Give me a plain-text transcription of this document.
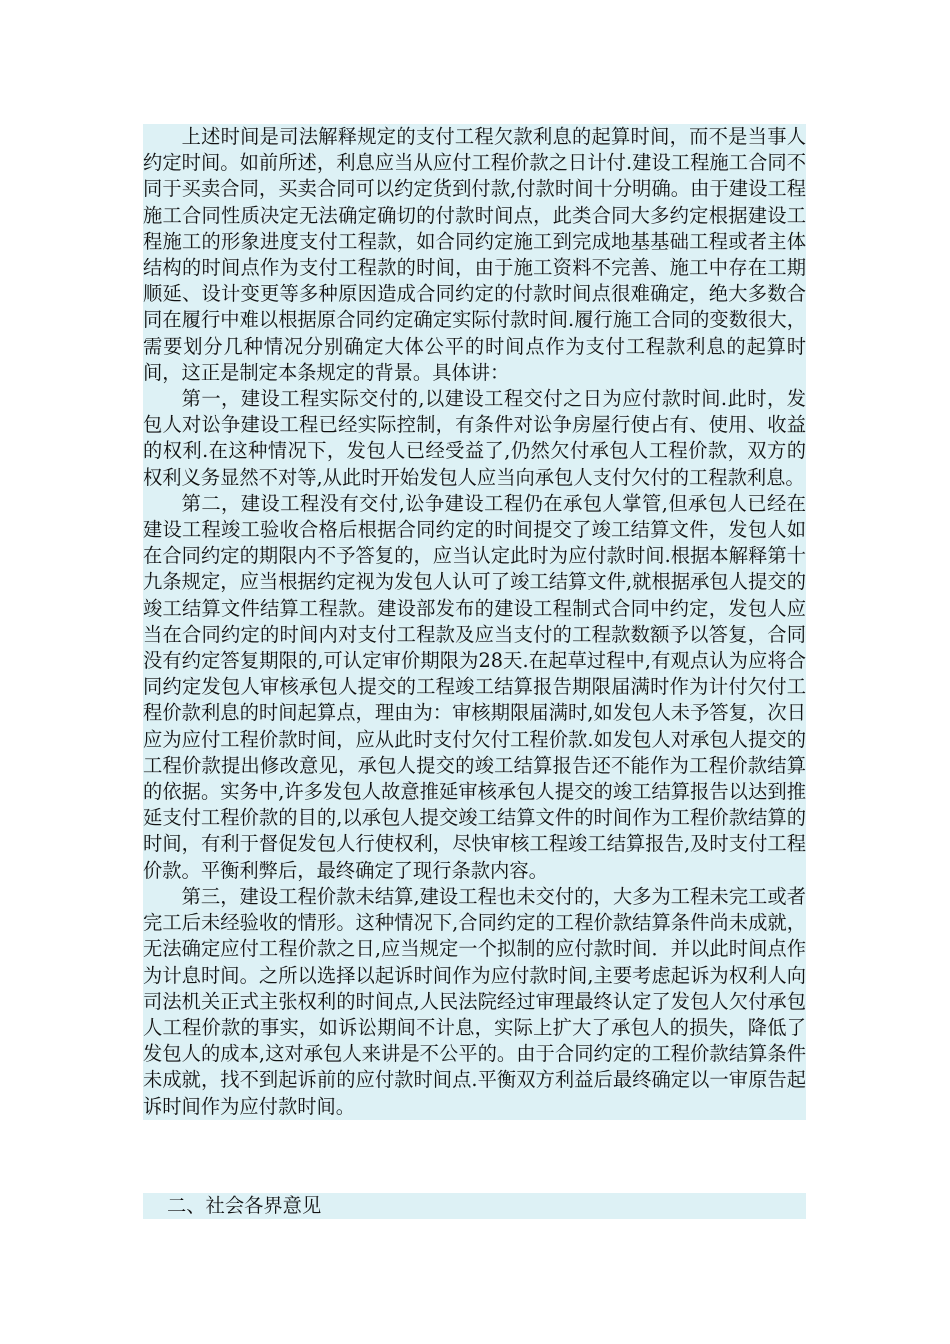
上述时间是司法解释规定的支付工程欠款利息的起算时间，而不是当事人约定时间。如前所述，利息应当从应付工程价款之日计付.建设工程施工合同不同于买卖合同，买卖合同可以约定货到付款,付款时间十分明确。由于建设工程施工合同性质决定无法确定确切的付款时间点，此类合同大多约定根据建设工程施工的形象进度支付工程款，如合同约定施工到完成地基基础工程或者主体结构的时间点作为支付工程款的时间，由于施工资料不完善、施工中存在工期顺延、设计变更等多种原因造成合同约定的付款时间点很难确定，绝大多数合同在履行中难以根据原合同约定确定实际付款时间.履行施工合同的变数很大，需要划分几种情况分别确定大体公平的时间点作为支付工程款利息的起算时间，这正是制定本条规定的背景。具体讲：

第一，建设工程实际交付的,以建设工程交付之日为应付款时间.此时，发包人对讼争建设工程已经实际控制，有条件对讼争房屋行使占有、使用、收益的权利.在这种情况下，发包人已经受益了,仍然欠付承包人工程价款，双方的权利义务显然不对等,从此时开始发包人应当向承包人支付欠付的工程款利息。

第二，建设工程没有交付,讼争建设工程仍在承包人掌管,但承包人已经在建设工程竣工验收合格后根据合同约定的时间提交了竣工结算文件，发包人如在合同约定的期限内不予答复的，应当认定此时为应付款时间.根据本解释第十九条规定，应当根据约定视为发包人认可了竣工结算文件,就根据承包人提交的竣工结算文件结算工程款。建设部发布的建设工程制式合同中约定，发包人应当在合同约定的时间内对支付工程款及应当支付的工程款数额予以答复，合同没有约定答复期限的,可认定审价期限为28天.在起草过程中,有观点认为应将合同约定发包人审核承包人提交的工程竣工结算报告期限届满时作为计付欠付工程价款利息的时间起算点，理由为：审核期限届满时,如发包人未予答复，次日应为应付工程价款时间，应从此时支付欠付工程价款.如发包人对承包人提交的工程价款提出修改意见，承包人提交的竣工结算报告还不能作为工程价款结算的依据。实务中,许多发包人故意推延审核承包人提交的竣工结算报告以达到推延支付工程价款的目的,以承包人提交竣工结算文件的时间作为工程价款结算的时间，有利于督促发包人行使权利，尽快审核工程竣工结算报告,及时支付工程价款。平衡利弊后，最终确定了现行条款内容。

第三，建设工程价款未结算,建设工程也未交付的，大多为工程未完工或者完工后未经验收的情形。这种情况下,合同约定的工程价款结算条件尚未成就，无法确定应付工程价款之日,应当规定一个拟制的应付款时间．并以此时间点作为计息时间。之所以选择以起诉时间作为应付款时间,主要考虑起诉为权利人向司法机关正式主张权利的时间点,人民法院经过审理最终认定了发包人欠付承包人工程价款的事实，如诉讼期间不计息，实际上扩大了承包人的损失，降低了发包人的成本,这对承包人来讲是不公平的。由于合同约定的工程价款结算条件未成就，找不到起诉前的应付款时间点.平衡双方利益后最终确定以一审原告起诉时间作为应付款时间。

二、社会各界意见
